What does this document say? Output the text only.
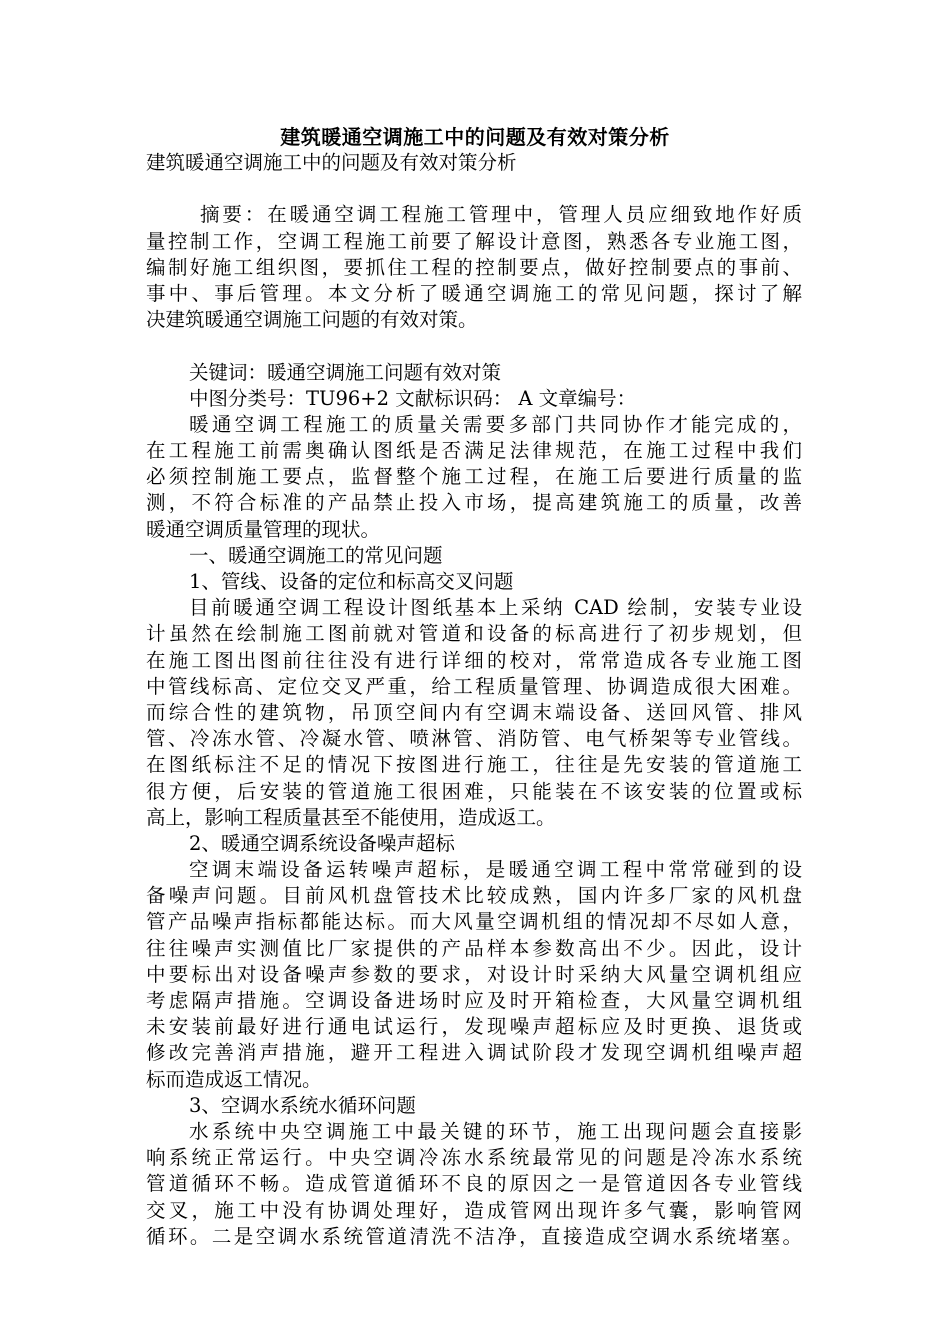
建筑暖通空调施工中的问题及有效对策分析
建筑暖通空调施工中的问题及有效对策分析
摘要：在暖通空调工程施工管理中，管理人员应细致地作好质
量控制工作，空调工程施工前要了解设计意图，熟悉各专业施工图，
编制好施工组织图，要抓住工程的控制要点，做好控制要点的事前、
事中、事后管理。本文分析了暖通空调施工的常见问题，探讨了解
决建筑暖通空调施工问题的有效对策。
关键词：暖通空调施工问题有效对策
中图分类号：TU96+2 文献标识码： A 文章编号：
暖通空调工程施工的质量关需要多部门共同协作才能完成的，
在工程施工前需奥确认图纸是否满足法律规范，在施工过程中我们
必须控制施工要点，监督整个施工过程，在施工后要进行质量的监
测，不符合标准的产品禁止投入市场，提高建筑施工的质量，改善
暖通空调质量管理的现状。
一、暖通空调施工的常见问题
1、管线、设备的定位和标高交叉问题
目前暖通空调工程设计图纸基本上采纳 CAD 绘制，安装专业设
计虽然在绘制施工图前就对管道和设备的标高进行了初步规划，但
在施工图出图前往往没有进行详细的校对，常常造成各专业施工图
中管线标高、定位交叉严重，给工程质量管理、协调造成很大困难。
而综合性的建筑物，吊顶空间内有空调末端设备、送回风管、排风
管、冷冻水管、冷凝水管、喷淋管、消防管、电气桥架等专业管线。
在图纸标注不足的情况下按图进行施工，往往是先安装的管道施工
很方便，后安装的管道施工很困难，只能装在不该安装的位置或标
高上，影响工程质量甚至不能使用，造成返工。
2、暖通空调系统设备噪声超标
空调末端设备运转噪声超标，是暖通空调工程中常常碰到的设
备噪声问题。目前风机盘管技术比较成熟，国内许多厂家的风机盘
管产品噪声指标都能达标。而大风量空调机组的情况却不尽如人意，
往往噪声实测值比厂家提供的产品样本参数高出不少。因此，设计
中要标出对设备噪声参数的要求，对设计时采纳大风量空调机组应
考虑隔声措施。空调设备进场时应及时开箱检查，大风量空调机组
未安装前最好进行通电试运行，发现噪声超标应及时更换、退货或
修改完善消声措施，避开工程进入调试阶段才发现空调机组噪声超
标而造成返工情况。
3、空调水系统水循环问题
水系统中央空调施工中最关键的环节，施工出现问题会直接影
响系统正常运行。中央空调冷冻水系统最常见的问题是冷冻水系统
管道循环不畅。造成管道循环不良的原因之一是管道因各专业管线
交叉，施工中没有协调处理好，造成管网出现许多气囊，影响管网
循环。二是空调水系统管道清洗不洁净，直接造成空调水系统堵塞。
